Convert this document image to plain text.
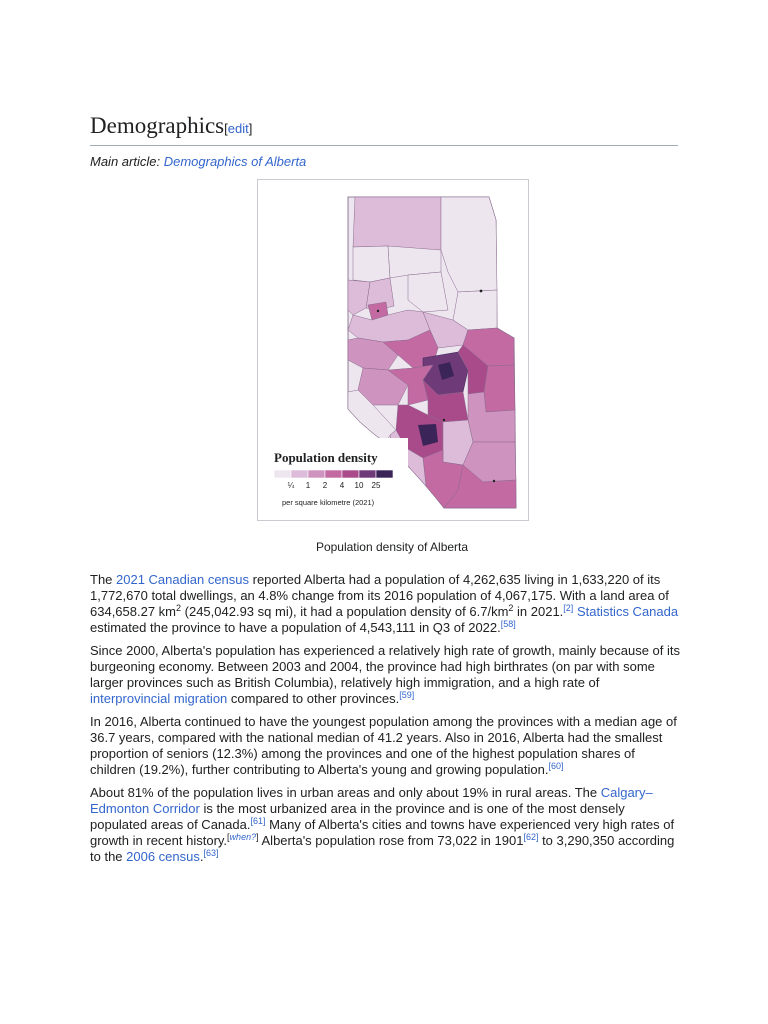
Demographics[edit]
Main article: Demographics of Alberta
Population density
¼ 1 2 4 10 25
per square kilometre (2021)
Population density of Alberta

The 2021 Canadian census reported Alberta had a population of 4,262,635 living in 1,633,220 of its 1,772,670 total dwellings, an 4.8% change from its 2016 population of 4,067,175. With a land area of 634,658.27 $km^2$ (245,042.93 sq mi), it had a population density of $6.7/km^2$ in 2021.[2] Statistics Canada estimated the province to have a population of 4,543,111 in Q3 of 2022.[58]

Since 2000, Alberta's population has experienced a relatively high rate of growth, mainly because of its burgeoning economy. Between 2003 and 2004, the province had high birthrates (on par with some larger provinces such as British Columbia), relatively high immigration, and a high rate of interprovincial migration compared to other provinces.[59]

In 2016, Alberta continued to have the youngest population among the provinces with a median age of 36.7 years, compared with the national median of 41.2 years. Also in 2016, Alberta had the smallest proportion of seniors (12.3%) among the provinces and one of the highest population shares of children (19.2%), further contributing to Alberta's young and growing population.[60]

About 81% of the population lives in urban areas and only about 19% in rural areas. The Calgary–Edmonton Corridor is the most urbanized area in the province and is one of the most densely populated areas of Canada.[61] Many of Alberta's cities and towns have experienced very high rates of growth in recent history.[when?] Alberta's population rose from 73,022 in 1901[62] to 3,290,350 according to the 2006 census.[63]
